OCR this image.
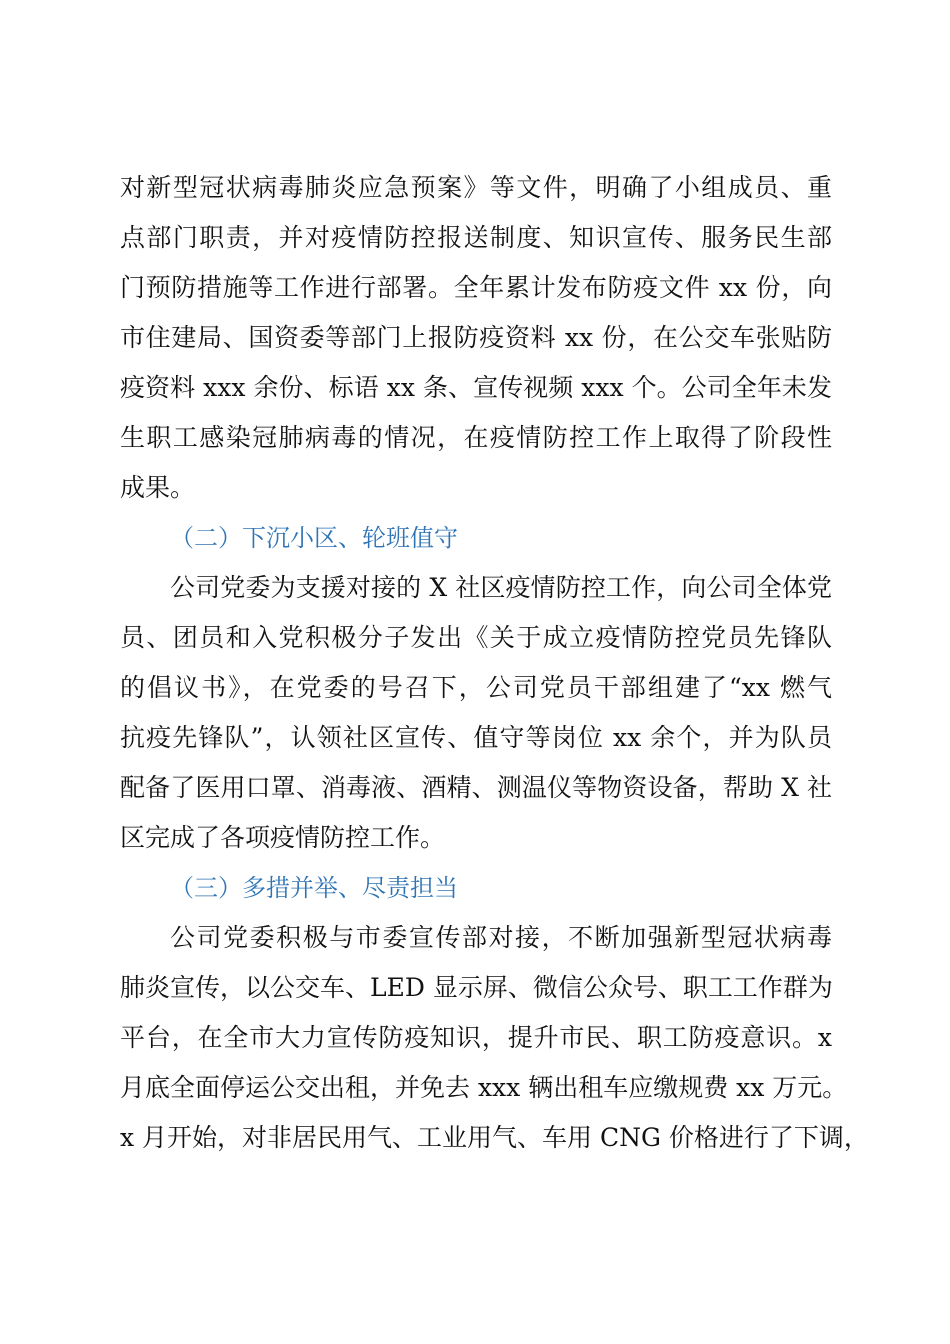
对新型冠状病毒肺炎应急预案》等文件，明确了小组成员、重
点部门职责，并对疫情防控报送制度、知识宣传、服务民生部
门预防措施等工作进行部署。全年累计发布防疫文件 xx 份，向
市住建局、国资委等部门上报防疫资料 xx 份，在公交车张贴防
疫资料 xxx 余份、标语 xx 条、宣传视频 xxx 个。公司全年未发
生职工感染冠肺病毒的情况，在疫情防控工作上取得了阶段性
成果。
（二）下沉小区、轮班值守
公司党委为支援对接的 X 社区疫情防控工作，向公司全体党
员、团员和入党积极分子发出《关于成立疫情防控党员先锋队
的倡议书》，在党委的号召下，公司党员干部组建了“xx 燃气
抗疫先锋队”，认领社区宣传、值守等岗位 xx 余个，并为队员
配备了医用口罩、消毒液、酒精、测温仪等物资设备，帮助 X 社
区完成了各项疫情防控工作。
（三）多措并举、尽责担当
公司党委积极与市委宣传部对接，不断加强新型冠状病毒
肺炎宣传，以公交车、LED 显示屏、微信公众号、职工工作群为
平台，在全市大力宣传防疫知识，提升市民、职工防疫意识。x
月底全面停运公交出租，并免去 xxx 辆出租车应缴规费 xx 万元。
x 月开始，对非居民用气、工业用气、车用 CNG 价格进行了下调，
